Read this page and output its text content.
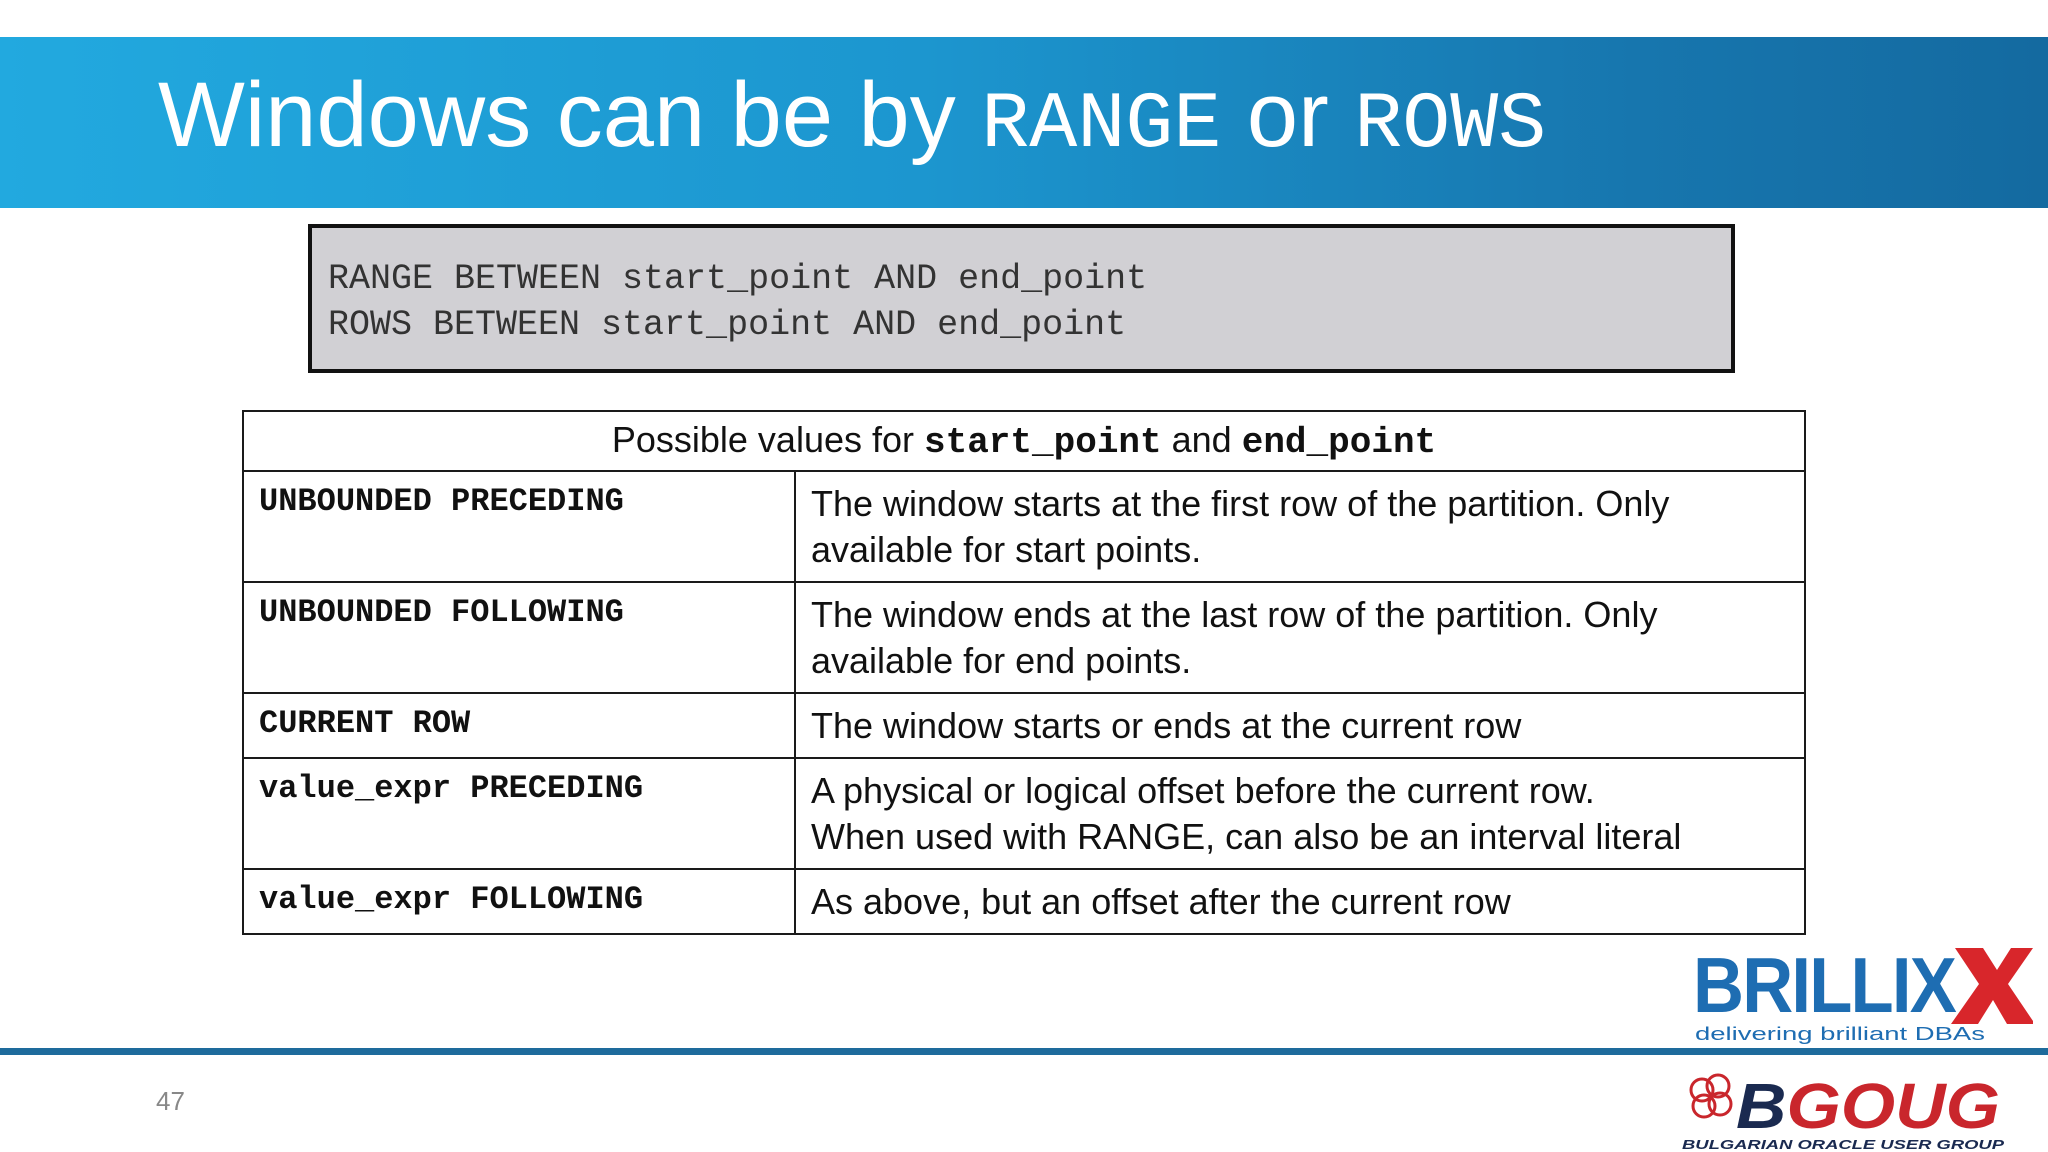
Windows can be by RANGE or ROWS
RANGE BETWEEN start_point AND end_point
ROWS BETWEEN start_point AND end_point
Possible values for start_point and end_point	
UNBOUNDED PRECEDING	The window starts at the first row of the partition. Only
available for start points.

UNBOUNDED FOLLOWING	The window ends at the last row of the partition. Only
available for end points.

CURRENT ROW	The window starts or ends at the current row

value_expr PRECEDING	A physical or logical offset before the current row.
When used with RANGE, can also be an interval literal

value_expr FOLLOWING	As above, but an offset after the current row
BRILLIX
delivering brilliant DBAs
47	BGOUG
BULGARIAN ORACLE USER GROUP
